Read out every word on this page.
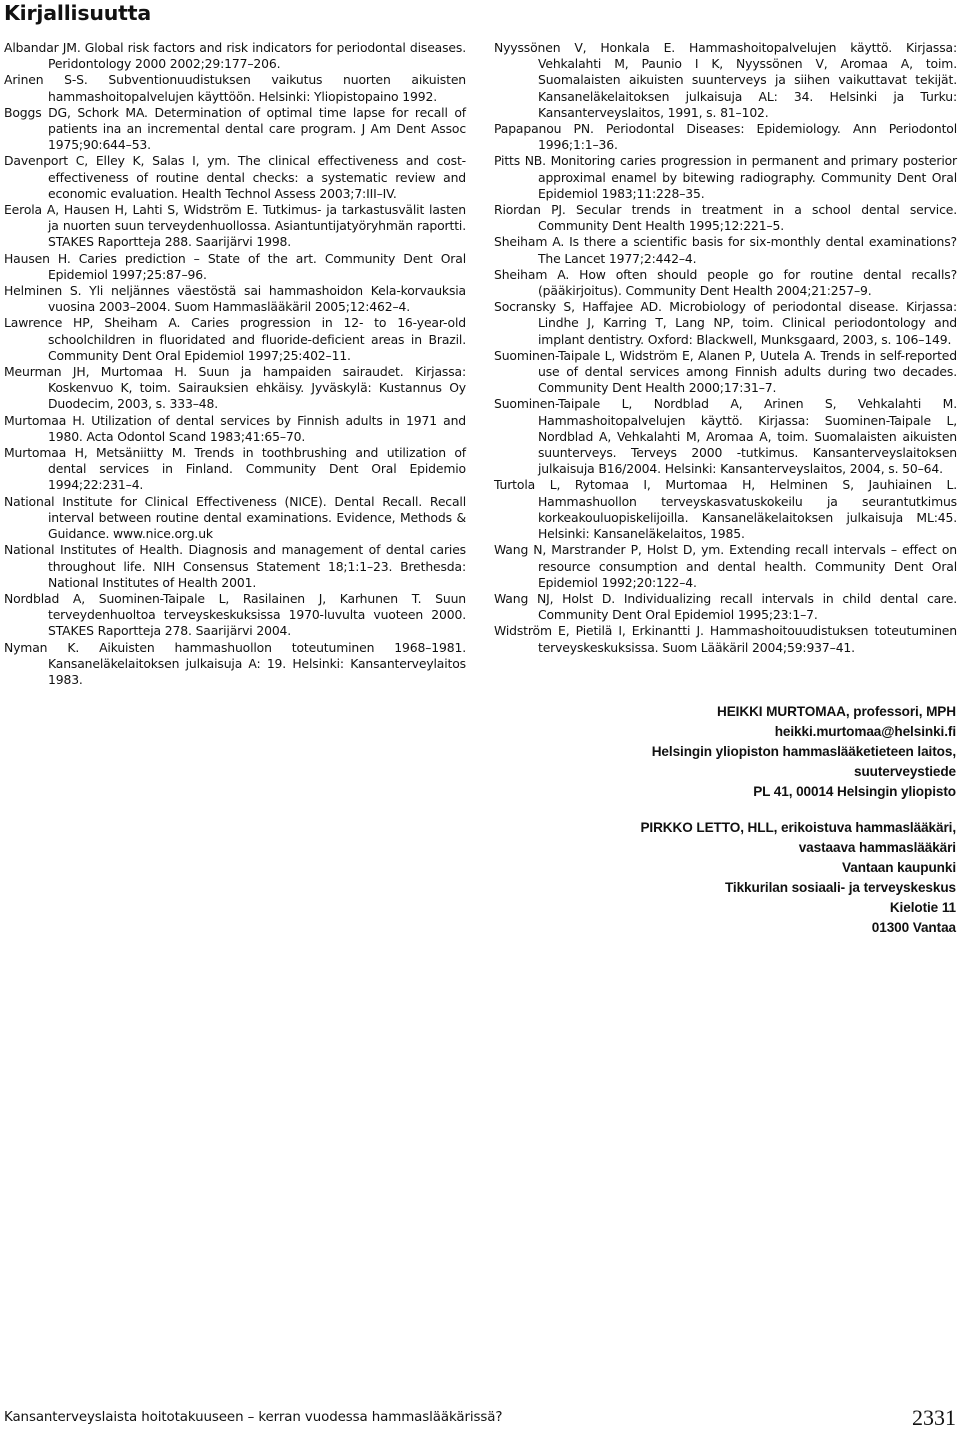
Kirjallisuutta

Albandar JM. Global risk factors and risk indicators for periodontal diseases. Peridontology 2000 2002;29:177–206.

Arinen S-S. Subventionuudistuksen vaikutus nuorten aikuisten hammashoitopalvelujen käyttöön. Helsinki: Yliopistopaino 1992.

Boggs DG, Schork MA. Determination of optimal time lapse for recall of patients ina an incremental dental care program. J Am Dent Assoc 1975;90:644–53.

Davenport C, Elley K, Salas I, ym. The clinical effectiveness and cost-effectiveness of routine dental checks: a systematic review and economic evaluation. Health Technol Assess 2003;7:III–IV.

Eerola A, Hausen H, Lahti S, Widström E. Tutkimus- ja tarkastusvälit lasten ja nuorten suun terveydenhuollossa. Asiantuntijatyöryhmän raportti. STAKES Raportteja 288. Saarijärvi 1998.

Hausen H. Caries prediction – State of the art. Community Dent Oral Epidemiol 1997;25:87–96.

Helminen S. Yli neljännes väestöstä sai hammashoidon Kela-korvauksia vuosina 2003–2004. Suom Hammaslääkäril 2005;12:462–4.

Lawrence HP, Sheiham A. Caries progression in 12- to 16-year-old schoolchildren in fluoridated and fluoride-deficient areas in Brazil. Community Dent Oral Epidemiol 1997;25:402–11.

Meurman JH, Murtomaa H. Suun ja hampaiden sairaudet. Kirjassa: Koskenvuo K, toim. Sairauksien ehkäisy. Jyväskylä: Kustannus Oy Duodecim, 2003, s. 333–48.

Murtomaa H. Utilization of dental services by Finnish adults in 1971 and 1980. Acta Odontol Scand 1983;41:65–70.

Murtomaa H, Metsäniitty M. Trends in toothbrushing and utilization of dental services in Finland. Community Dent Oral Epidemio 1994;22:231–4.

National Institute for Clinical Effectiveness (NICE). Dental Recall. Recall interval between routine dental examinations. Evidence, Methods & Guidance. www.nice.org.uk

National Institutes of Health. Diagnosis and management of dental caries throughout life. NIH Consensus Statement 18;1:1–23. Brethesda: National Institutes of Health 2001.

Nordblad A, Suominen-Taipale L, Rasilainen J, Karhunen T. Suun terveydenhuoltoa terveyskeskuksissa 1970-luvulta vuoteen 2000. STAKES Raportteja 278. Saarijärvi 2004.

Nyman K. Aikuisten hammashuollon toteutuminen 1968–1981. Kansaneläkelaitoksen julkaisuja A: 19. Helsinki: Kansanterveylaitos 1983.

Nyyssönen V, Honkala E. Hammashoitopalvelujen käyttö. Kirjassa: Vehkalahti M, Paunio I K, Nyyssönen V, Aromaa A, toim. Suomalaisten aikuisten suunterveys ja siihen vaikuttavat tekijät. Kansaneläkelaitoksen julkaisuja AL: 34. Helsinki ja Turku: Kansanterveyslaitos, 1991, s. 81–102.

Papapanou PN. Periodontal Diseases: Epidemiology. Ann Periodontol 1996;1:1–36.

Pitts NB. Monitoring caries progression in permanent and primary posterior approximal enamel by bitewing radiography. Community Dent Oral Epidemiol 1983;11:228–35.

Riordan PJ. Secular trends in treatment in a school dental service. Community Dent Health 1995;12:221–5.

Sheiham A. Is there a scientific basis for six-monthly dental examinations? The Lancet 1977;2:442–4.

Sheiham A. How often should people go for routine dental recalls? (pääkirjoitus). Community Dent Health 2004;21:257–9.

Socransky S, Haffajee AD. Microbiology of periodontal disease. Kirjassa: Lindhe J, Karring T, Lang NP, toim. Clinical periodontology and implant dentistry. Oxford: Blackwell, Munksgaard, 2003, s. 106–149.

Suominen-Taipale L, Widström E, Alanen P, Uutela A. Trends in self-reported use of dental services among Finnish adults during two decades. Community Dent Health 2000;17:31–7.

Suominen-Taipale L, Nordblad A, Arinen S, Vehkalahti M. Hammashoitopalvelujen käyttö. Kirjassa: Suominen-Taipale L, Nordblad A, Vehkalahti M, Aromaa A, toim. Suomalaisten aikuisten suunterveys. Terveys 2000 -tutkimus. Kansanterveyslaitoksen julkaisuja B16/2004. Helsinki: Kansanterveyslaitos, 2004, s. 50–64.

Turtola L, Rytomaa I, Murtomaa H, Helminen S, Jauhiainen L. Hammashuollon terveyskasvatuskokeilu ja seurantutkimus korkeakouluopiskelijoilla. Kansaneläkelaitoksen julkaisuja ML:45. Helsinki: Kansaneläkelaitos, 1985.

Wang N, Marstrander P, Holst D, ym. Extending recall intervals – effect on resource consumption and dental health. Community Dent Oral Epidemiol 1992;20:122–4.

Wang NJ, Holst D. Individualizing recall intervals in child dental care. Community Dent Oral Epidemiol 1995;23:1–7.

Widström E, Pietilä I, Erkinantti J. Hammashoitouudistuksen toteutuminen terveyskeskuksissa. Suom Lääkäril 2004;59:937–41.

HEIKKI MURTOMAA, professori, MPH
heikki.murtomaa@helsinki.fi
Helsingin yliopiston hammaslääketieteen laitos,
suuterveystiede
PL 41, 00014 Helsingin yliopisto
PIRKKO LETTO, HLL, erikoistuva hammaslääkäri,
vastaava hammaslääkäri
Vantaan kaupunki
Tikkurilan sosiaali- ja terveyskeskus
Kielotie 11
01300 Vantaa
Kansanterveyslaista hoitotakuuseen – kerran vuodessa hammaslääkärissä?	2331
